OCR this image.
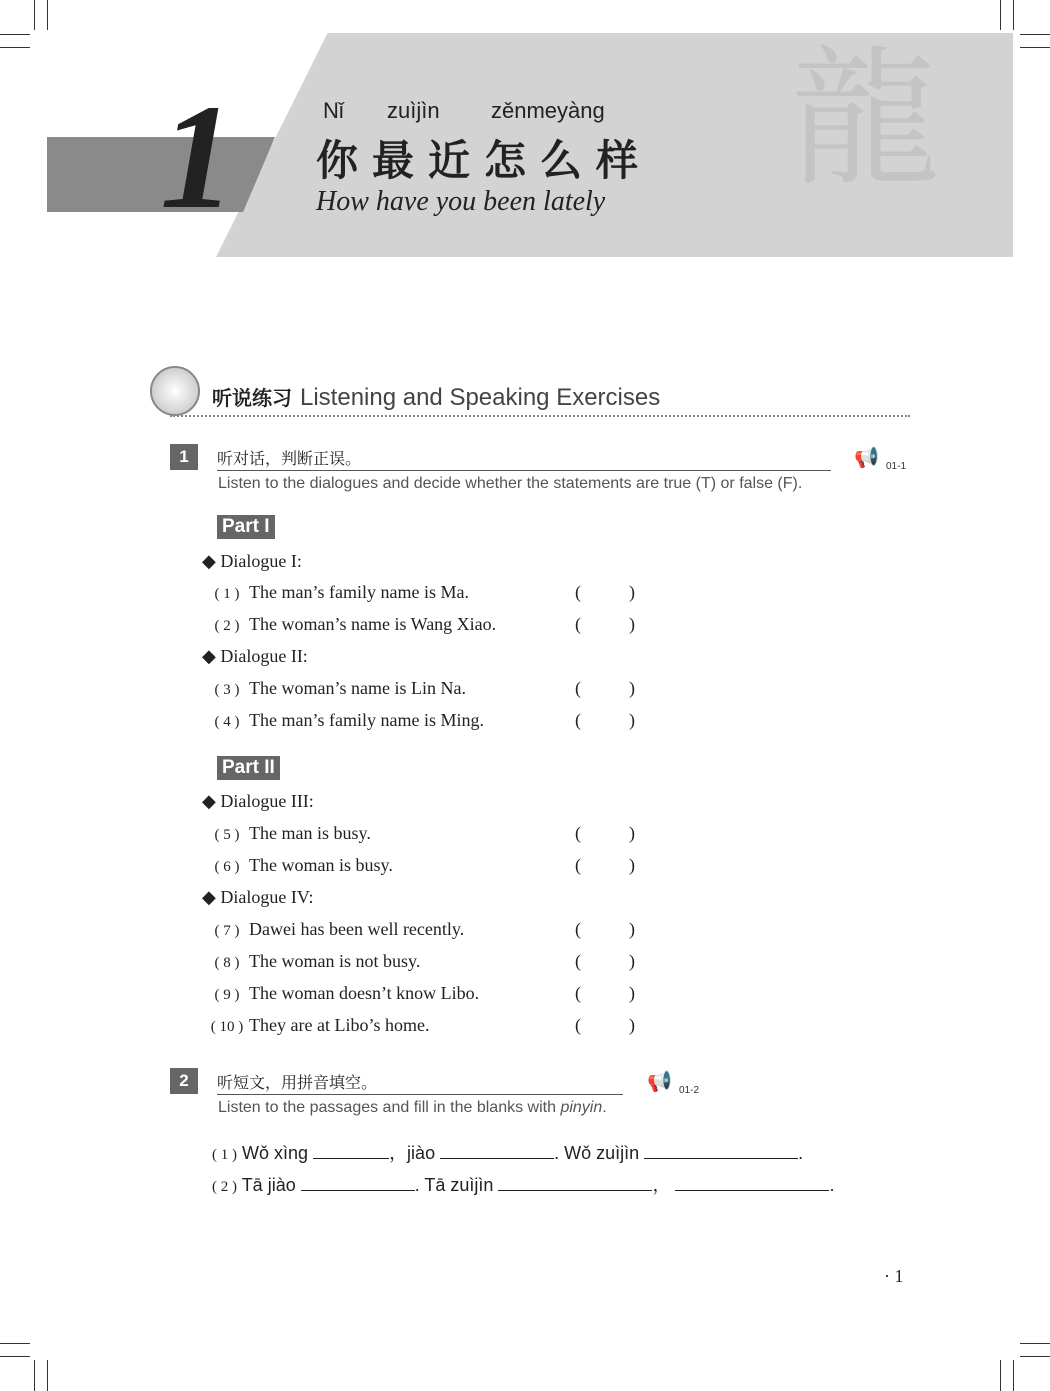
龍
1	Nǐ zuìjìn zěnmeyàng
你最近怎么样
How have you been lately
听说练习 Listening and Speaking Exercises
1	听对话，判断正误。
Listen to the dialogues and decide whether the statements are true (T) or false (F).
📢 01-1
Part I
Part II
◆ Dialogue I:
◆ Dialogue II:
◆ Dialogue III:
◆ Dialogue IV:
( 1 ) The man’s family name is Ma.	(	)
( 2 ) The woman’s name is Wang Xiao.	(	)
( 3 ) The woman’s name is Lin Na.	(	)
( 4 ) The man’s family name is Ming.	(	)
( 5 ) The man is busy.	(	)
( 6 ) The woman is busy.	(	)
( 7 ) Dawei has been well recently.	(	)
( 8 ) The woman is not busy.	(	)
( 9 ) The woman doesn’t know Libo.	(	)
( 10 ) They are at Libo’s home.	(	)
2	听短文，用拼音填空。
Listen to the passages and fill in the blanks with pinyin.
📢 01-2
( 1 ) Wǒ xìng	，jiào	. Wǒ zuìjìn	.
( 2 ) Tā jiào	. Tā zuìjìn	，	.
· 1
